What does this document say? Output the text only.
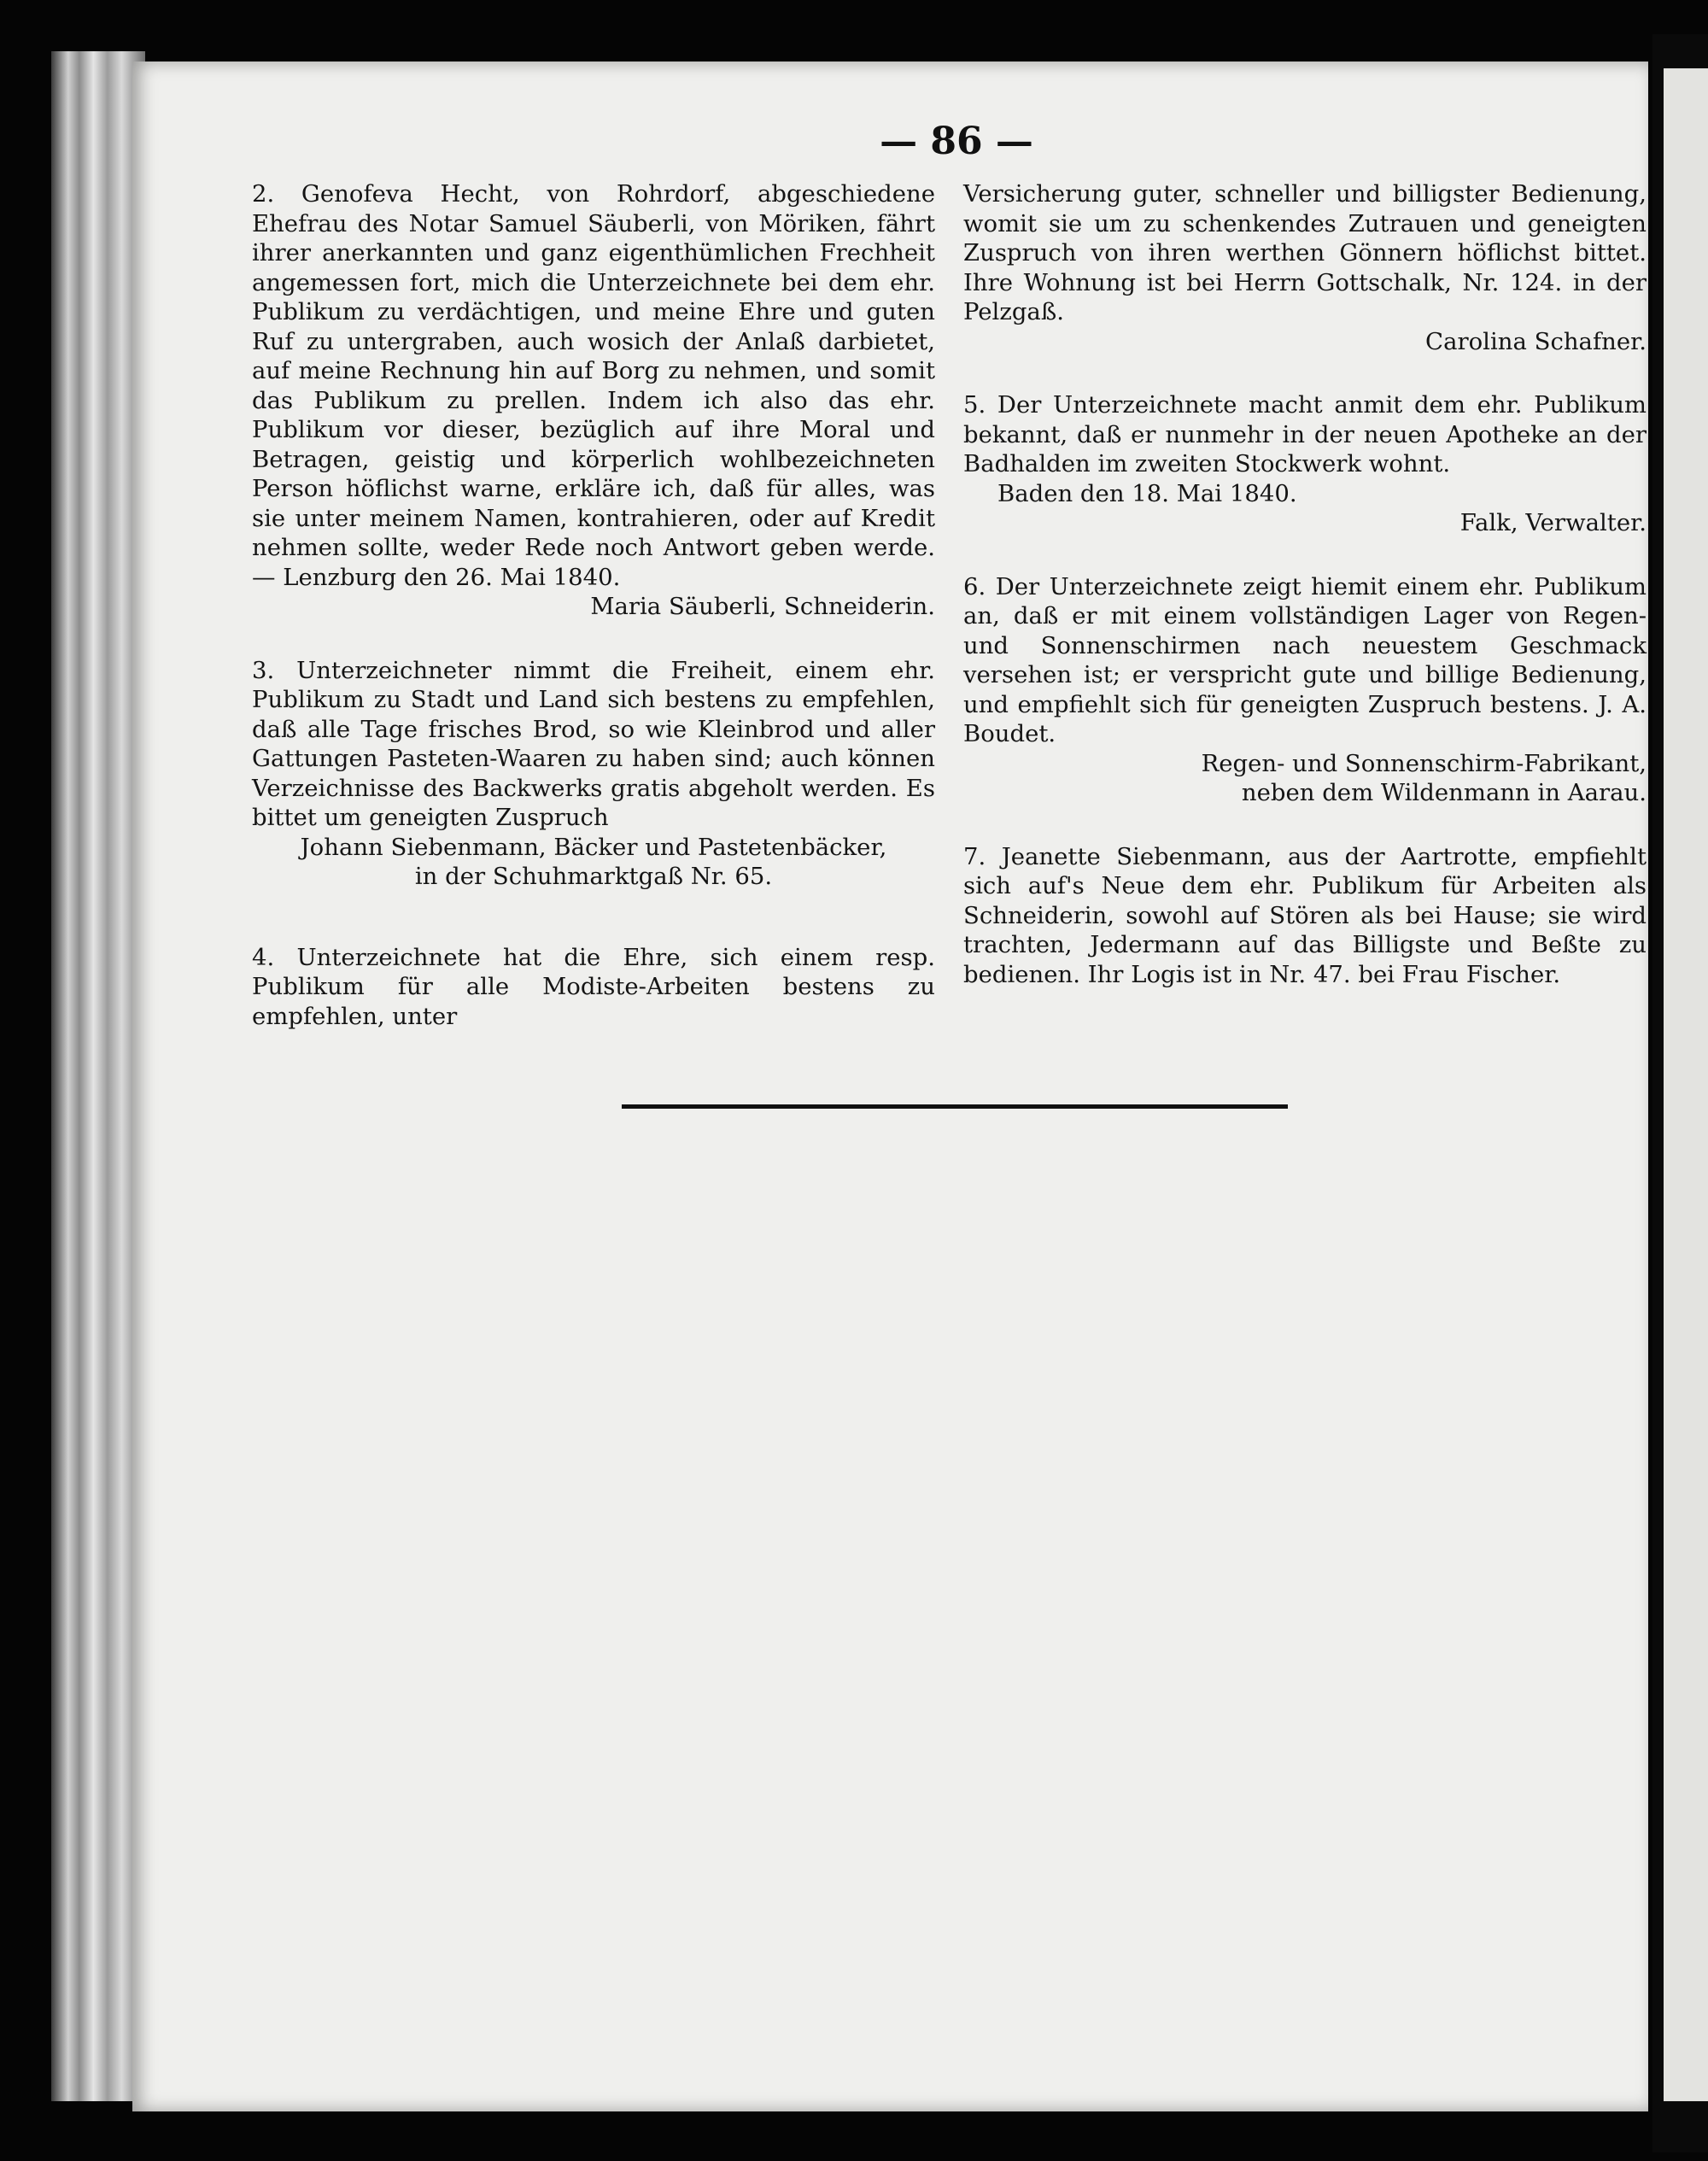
— 86 —

2. Genofeva Hecht, von Rohrdorf, abgeschiedene Ehefrau des Notar Samuel Säuberli, von Möriken, fährt ihrer anerkannten und ganz eigenthümlichen Frechheit angemessen fort, mich die Unterzeichnete bei dem ehr. Publikum zu verdächtigen, und meine Ehre und guten Ruf zu untergraben, auch wosich der Anlaß darbietet, auf meine Rechnung hin auf Borg zu nehmen, und somit das Publikum zu prellen. Indem ich also das ehr. Publikum vor dieser, bezüglich auf ihre Moral und Betragen, geistig und körperlich wohlbezeichneten Person höflichst warne, erkläre ich, daß für alles, was sie unter meinem Namen, kontrahieren, oder auf Kredit nehmen sollte, weder Rede noch Antwort geben werde. — Lenzburg den 26. Mai 1840.

Maria Säuberli, Schneiderin.

3. Unterzeichneter nimmt die Freiheit, einem ehr. Publikum zu Stadt und Land sich bestens zu empfehlen, daß alle Tage frisches Brod, so wie Kleinbrod und aller Gattungen Pasteten-Waaren zu haben sind; auch können Verzeichnisse des Backwerks gratis abgeholt werden. Es bittet um geneigten Zuspruch

Johann Siebenmann, Bäcker und Pastetenbäcker,

in der Schuhmarktgaß Nr. 65.

4. Unterzeichnete hat die Ehre, sich einem resp. Publikum für alle Modiste-Arbeiten bestens zu empfehlen, unter

Versicherung guter, schneller und billigster Bedienung, womit sie um zu schenkendes Zutrauen und geneigten Zuspruch von ihren werthen Gönnern höflichst bittet. Ihre Wohnung ist bei Herrn Gottschalk, Nr. 124. in der Pelzgaß.

Carolina Schafner.

5. Der Unterzeichnete macht anmit dem ehr. Publikum bekannt, daß er nunmehr in der neuen Apotheke an der Badhalden im zweiten Stockwerk wohnt.

Baden den 18. Mai 1840.

Falk, Verwalter.

6. Der Unterzeichnete zeigt hiemit einem ehr. Publikum an, daß er mit einem vollständigen Lager von Regen- und Sonnenschirmen nach neuestem Geschmack versehen ist; er verspricht gute und billige Bedienung, und empfiehlt sich für geneigten Zuspruch bestens. J. A. Boudet.

Regen- und Sonnenschirm-Fabrikant,

neben dem Wildenmann in Aarau.

7. Jeanette Siebenmann, aus der Aartrotte, empfiehlt sich auf's Neue dem ehr. Publikum für Arbeiten als Schneiderin, sowohl auf Stören als bei Hause; sie wird trachten, Jedermann auf das Billigste und Beßte zu bedienen. Ihr Logis ist in Nr. 47. bei Frau Fischer.
